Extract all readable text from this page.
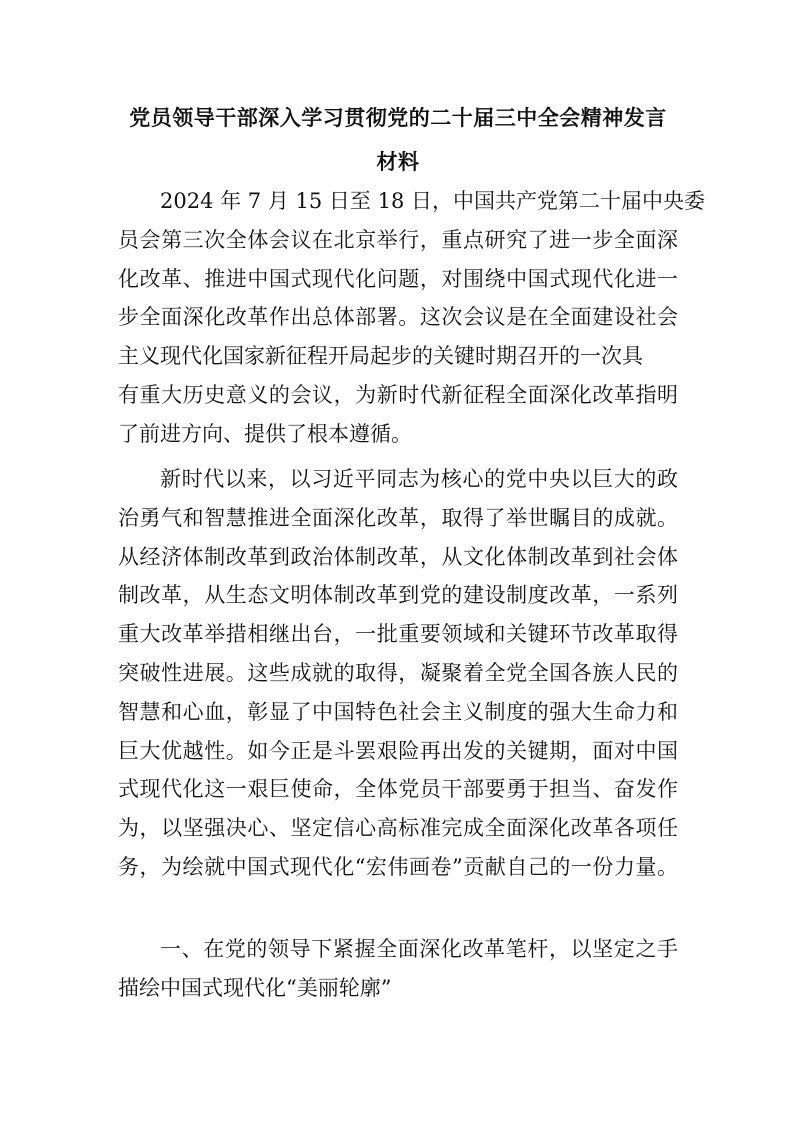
党员领导干部深入学习贯彻党的二十届三中全会精神发言
材料

2024 年 7 月 15 日至 18 日，中国共产党第二十届中央委
员会第三次全体会议在北京举行，重点研究了进一步全面深
化改革、推进中国式现代化问题，对围绕中国式现代化进一
步全面深化改革作出总体部署。这次会议是在全面建设社会
主义现代化国家新征程开局起步的关键时期召开的一次具
有重大历史意义的会议，为新时代新征程全面深化改革指明
了前进方向、提供了根本遵循。

新时代以来，以习近平同志为核心的党中央以巨大的政
治勇气和智慧推进全面深化改革，取得了举世瞩目的成就。
从经济体制改革到政治体制改革，从文化体制改革到社会体
制改革，从生态文明体制改革到党的建设制度改革，一系列
重大改革举措相继出台，一批重要领域和关键环节改革取得
突破性进展。这些成就的取得，凝聚着全党全国各族人民的
智慧和心血，彰显了中国特色社会主义制度的强大生命力和
巨大优越性。如今正是斗罢艰险再出发的关键期，面对中国
式现代化这一艰巨使命，全体党员干部要勇于担当、奋发作
为，以坚强决心、坚定信心高标准完成全面深化改革各项任
务，为绘就中国式现代化“宏伟画卷”贡献自己的一份力量。

一、在党的领导下紧握全面深化改革笔杆，以坚定之手
描绘中国式现代化“美丽轮廓”
